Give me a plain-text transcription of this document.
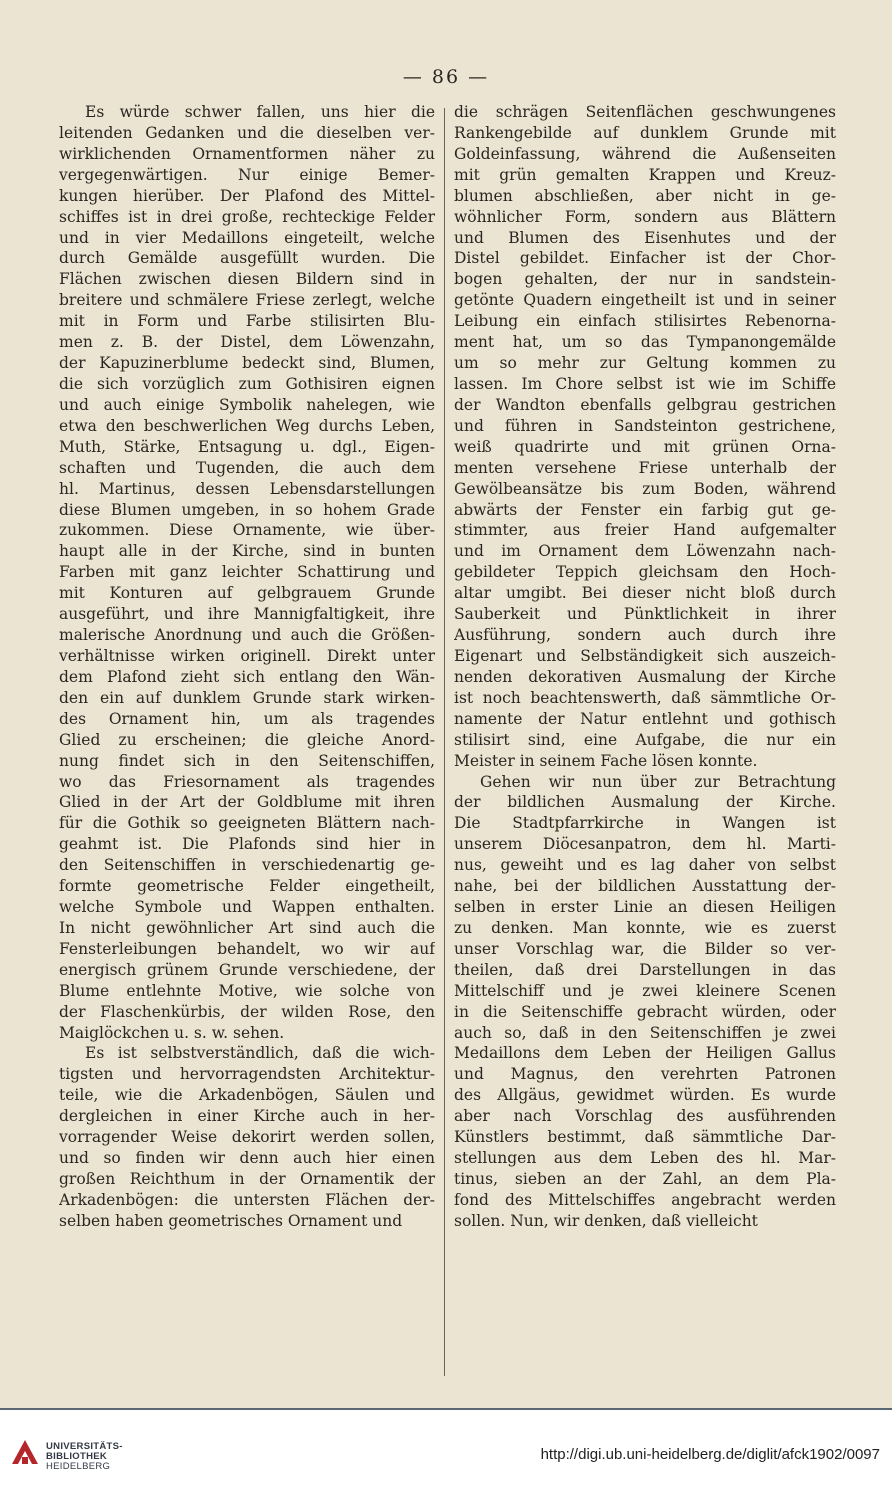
— 86 —
Es würde schwer fallen, uns hier die
leitenden Gedanken und die dieselben ver-
wirklichenden Ornamentformen näher zu
vergegenwärtigen. Nur einige Bemer-
kungen hierüber. Der Plafond des Mittel-
schiffes ist in drei große, rechteckige Felder
und in vier Medaillons eingeteilt, welche
durch Gemälde ausgefüllt wurden. Die
Flächen zwischen diesen Bildern sind in
breitere und schmälere Friese zerlegt, welche
mit in Form und Farbe stilisirten Blu-
men z. B. der Distel, dem Löwenzahn,
der Kapuzinerblume bedeckt sind, Blumen,
die sich vorzüglich zum Gothisiren eignen
und auch einige Symbolik nahelegen, wie
etwa den beschwerlichen Weg durchs Leben,
Muth, Stärke, Entsagung u. dgl., Eigen-
schaften und Tugenden, die auch dem
hl. Martinus, dessen Lebensdarstellungen
diese Blumen umgeben, in so hohem Grade
zukommen. Diese Ornamente, wie über-
haupt alle in der Kirche, sind in bunten
Farben mit ganz leichter Schattirung und
mit Konturen auf gelbgrauem Grunde
ausgeführt, und ihre Mannigfaltigkeit, ihre
malerische Anordnung und auch die Größen-
verhältnisse wirken originell. Direkt unter
dem Plafond zieht sich entlang den Wän-
den ein auf dunklem Grunde stark wirken-
des Ornament hin, um als tragendes
Glied zu erscheinen; die gleiche Anord-
nung findet sich in den Seitenschiffen,
wo das Friesornament als tragendes
Glied in der Art der Goldblume mit ihren
für die Gothik so geeigneten Blättern nach-
geahmt ist. Die Plafonds sind hier in
den Seitenschiffen in verschiedenartig ge-
formte geometrische Felder eingetheilt,
welche Symbole und Wappen enthalten.
In nicht gewöhnlicher Art sind auch die
Fensterleibungen behandelt, wo wir auf
energisch grünem Grunde verschiedene, der
Blume entlehnte Motive, wie solche von
der Flaschenkürbis, der wilden Rose, den
Maiglöckchen u. s. w. sehen.
Es ist selbstverständlich, daß die wich-
tigsten und hervorragendsten Architektur-
teile, wie die Arkadenbögen, Säulen und
dergleichen in einer Kirche auch in her-
vorragender Weise dekorirt werden sollen,
und so finden wir denn auch hier einen
großen Reichthum in der Ornamentik der
Arkadenbögen: die untersten Flächen der-
selben haben geometrisches Ornament und
die schrägen Seitenflächen geschwungenes
Rankengebilde auf dunklem Grunde mit
Goldeinfassung, während die Außenseiten
mit grün gemalten Krappen und Kreuz-
blumen abschließen, aber nicht in ge-
wöhnlicher Form, sondern aus Blättern
und Blumen des Eisenhutes und der
Distel gebildet. Einfacher ist der Chor-
bogen gehalten, der nur in sandstein-
getönte Quadern eingetheilt ist und in seiner
Leibung ein einfach stilisirtes Rebenorna-
ment hat, um so das Tympanongemälde
um so mehr zur Geltung kommen zu
lassen. Im Chore selbst ist wie im Schiffe
der Wandton ebenfalls gelbgrau gestrichen
und führen in Sandsteinton gestrichene,
weiß quadrirte und mit grünen Orna-
menten versehene Friese unterhalb der
Gewölbeansätze bis zum Boden, während
abwärts der Fenster ein farbig gut ge-
stimmter, aus freier Hand aufgemalter
und im Ornament dem Löwenzahn nach-
gebildeter Teppich gleichsam den Hoch-
altar umgibt. Bei dieser nicht bloß durch
Sauberkeit und Pünktlichkeit in ihrer
Ausführung, sondern auch durch ihre
Eigenart und Selbständigkeit sich auszeich-
nenden dekorativen Ausmalung der Kirche
ist noch beachtenswerth, daß sämmtliche Or-
namente der Natur entlehnt und gothisch
stilisirt sind, eine Aufgabe, die nur ein
Meister in seinem Fache lösen konnte.
Gehen wir nun über zur Betrachtung
der bildlichen Ausmalung der Kirche.
Die Stadtpfarrkirche in Wangen ist
unserem Diöcesanpatron, dem hl. Marti-
nus, geweiht und es lag daher von selbst
nahe, bei der bildlichen Ausstattung der-
selben in erster Linie an diesen Heiligen
zu denken. Man konnte, wie es zuerst
unser Vorschlag war, die Bilder so ver-
theilen, daß drei Darstellungen in das
Mittelschiff und je zwei kleinere Scenen
in die Seitenschiffe gebracht würden, oder
auch so, daß in den Seitenschiffen je zwei
Medaillons dem Leben der Heiligen Gallus
und Magnus, den verehrten Patronen
des Allgäus, gewidmet würden. Es wurde
aber nach Vorschlag des ausführenden
Künstlers bestimmt, daß sämmtliche Dar-
stellungen aus dem Leben des hl. Mar-
tinus, sieben an der Zahl, an dem Pla-
fond des Mittelschiffes angebracht werden
sollen. Nun, wir denken, daß vielleicht
UNIVERSITÄTS-
BIBLIOTHEK
HEIDELBERG
http://digi.ub.uni-heidelberg.de/diglit/afck1902/0097
